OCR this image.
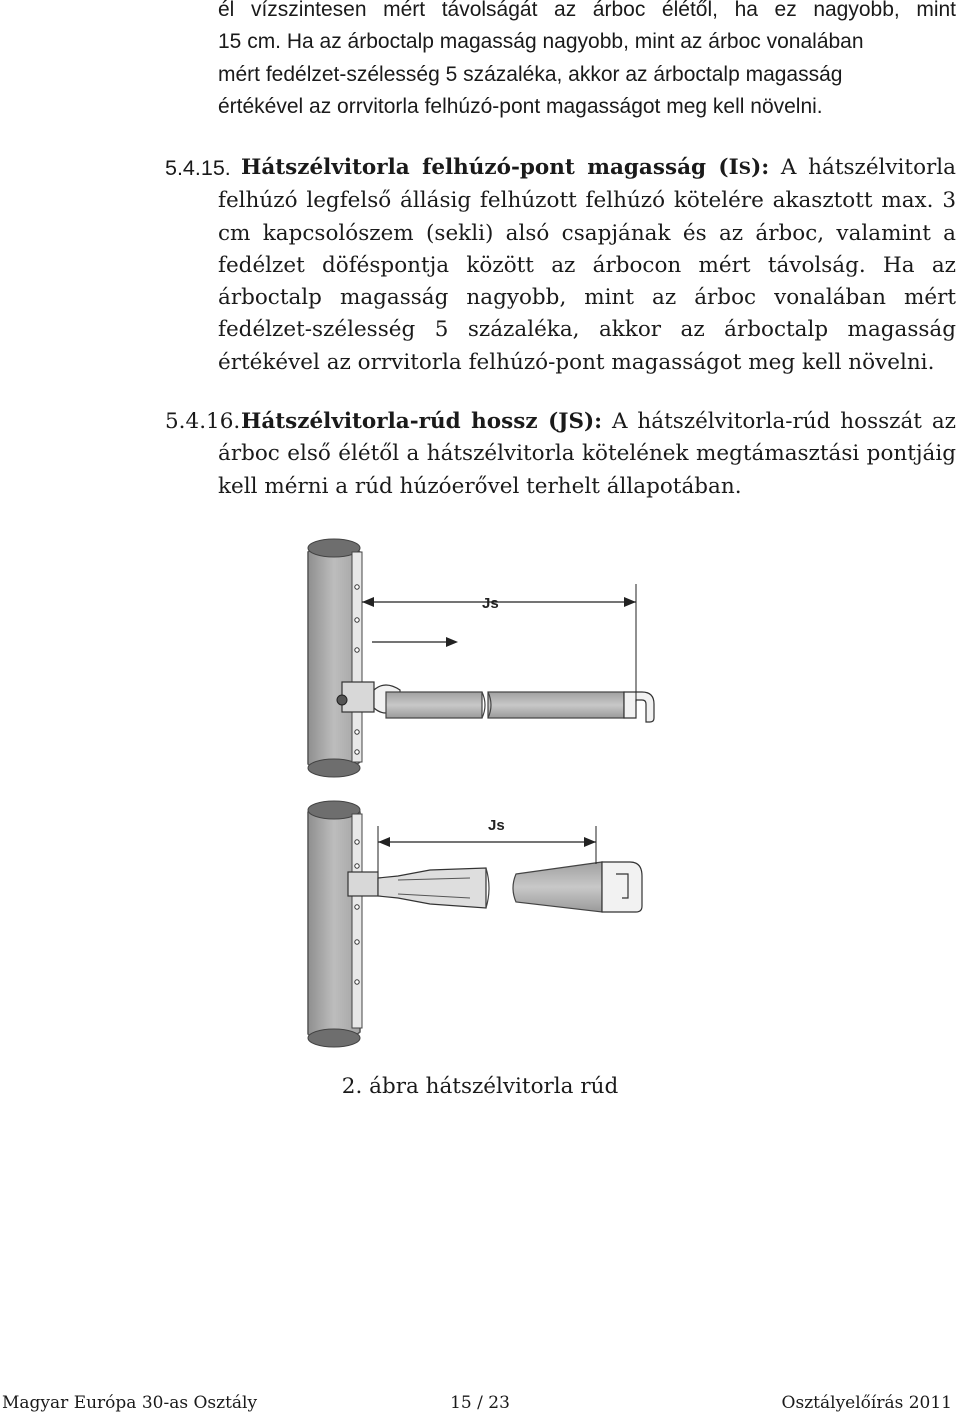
él vízszintesen mért távolságát az árboc élétől, ha ez nagyobb, mint
15 cm. Ha az árboctalp magasság nagyobb, mint az árboc vonalában
mért fedélzet-szélesség 5 százaléka, akkor az árboctalp magasság
értékével az orrvitorla felhúzó-pont magasságot meg kell növelni.
5.4.15. Hátszélvitorla felhúzó-pont magasság (IS): A hátszélvitorla felhúzó legfelső állásig felhúzott felhúzó kötelére akasztott max. 3 cm kapcsolószem (sekli) alsó csapjának és az árboc, valamint a fedélzet döféspontja között az árbocon mért távolság. Ha az árboctalp magasság nagyobb, mint az árboc vonalában mért fedélzet-szélesség 5 százaléka, akkor az árboctalp magasság értékével az orrvitorla felhúzó-pont magasságot meg kell növelni.

5.4.16. Hátszélvitorla-rúd hossz (JS): A hátszélvitorla-rúd hosszát az árboc első élétől a hátszélvitorla kötelének megtámasztási pontjáig kell mérni a rúd húzóerővel terhelt állapotában.

Js
Js
2. ábra hátszélvitorla rúd
Magyar Európa 30-as Osztály	15 / 23	Osztályelőírás 2011
